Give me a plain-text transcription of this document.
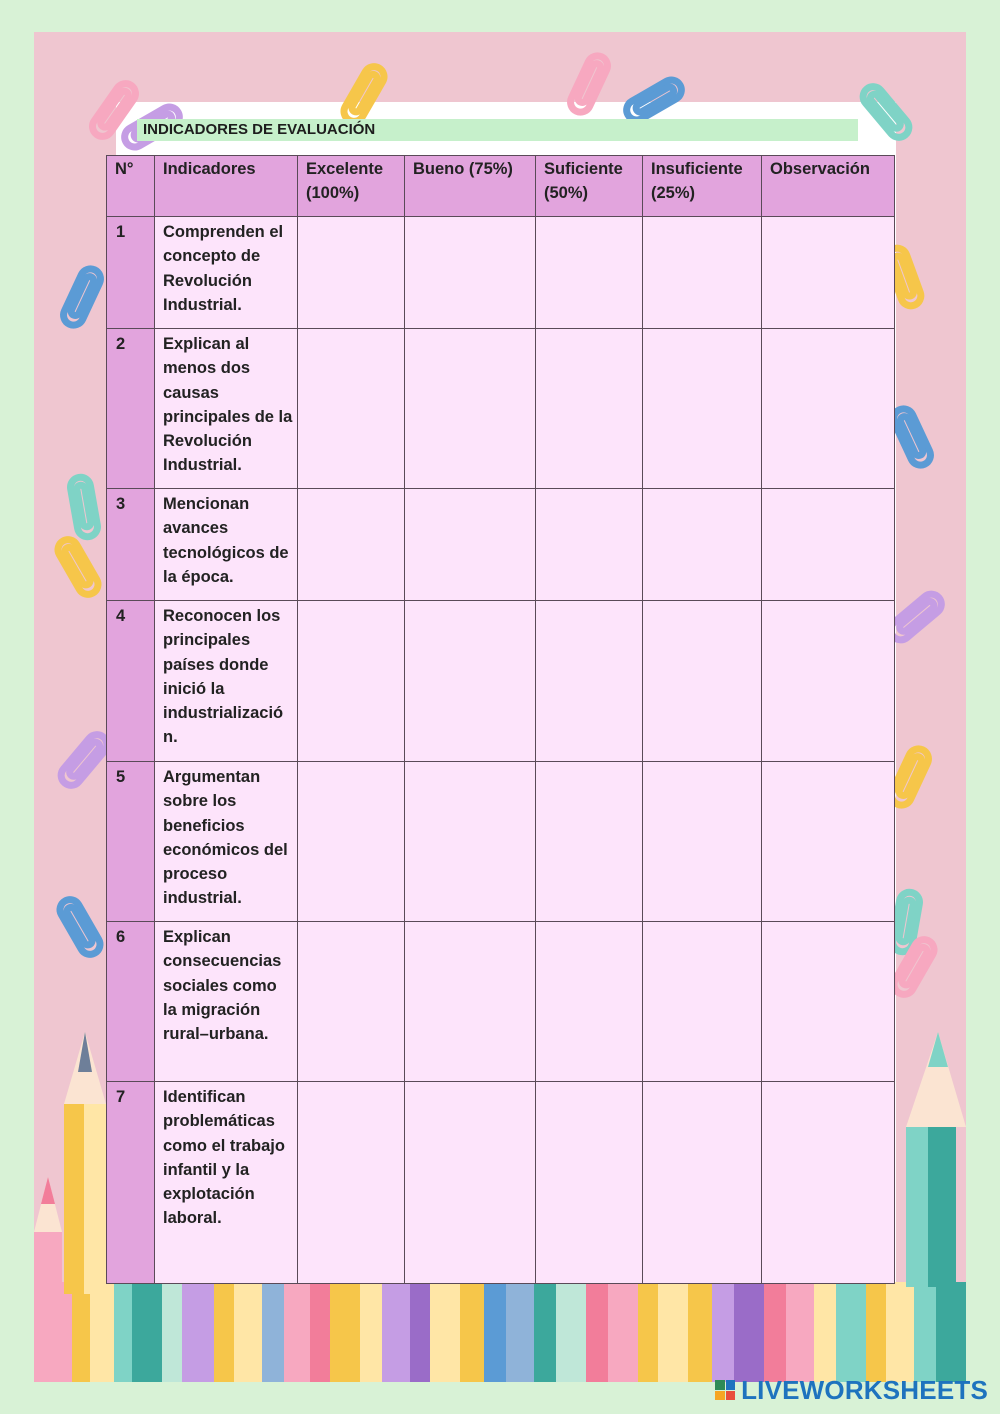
INDICADORES DE EVALUACIÓN
N°	Indicadores	Excelente (100%)	Bueno (75%)	Suficiente (50%)	Insuficiente (25%)	Observación
1	Comprenden el concepto de Revolución Industrial.					
2	Explican al menos dos causas principales de la Revolución Industrial.					
3	Mencionan avances tecnológicos de la época.					
4	Reconocen los principales países donde inició la industrialización.					
5	Argumentan sobre los beneficios económicos del proceso industrial.					
6	Explican consecuencias sociales como la migración rural–urbana.					
7	Identifican problemáticas como el trabajo infantil y la explotación laboral.					
LIVEWORKSHEETS
